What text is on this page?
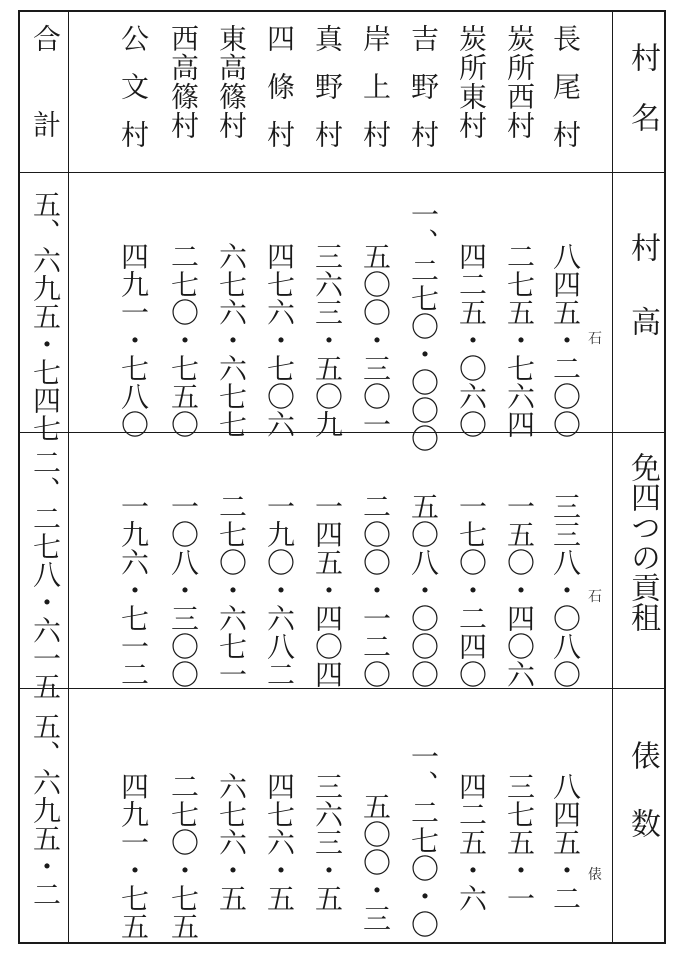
村名
村高
免四つの貢租
俵数
石
石
俵
長尾村
八四五・二〇〇
三三八・〇八〇
八四五・二
炭所西村
二七五・七六四
一五〇・四〇六
三七五・一
炭所東村
四二五・〇六〇
一七〇・二四〇
四二五・六
吉野村
一、二七〇・〇〇〇
五〇八・〇〇〇
一、二七〇・〇
岸上村
五〇〇・三〇一
二〇〇・一二〇
五〇〇・三
真野村
三六三・五〇九
一四五・四〇四
三六三・五
四條村
四七六・七〇六
一九〇・六八二
四七六・五
東高篠村
六七六・六七七
二七〇・六七一
六七六・五
西高篠村
二七〇・七五〇
一〇八・三〇〇
二七〇・七五
公文村
四九一・七八〇
一九六・七一二
四九一・七五
合計
五、六九五・七四七
二、二七八・六一五
五、六九五・二
